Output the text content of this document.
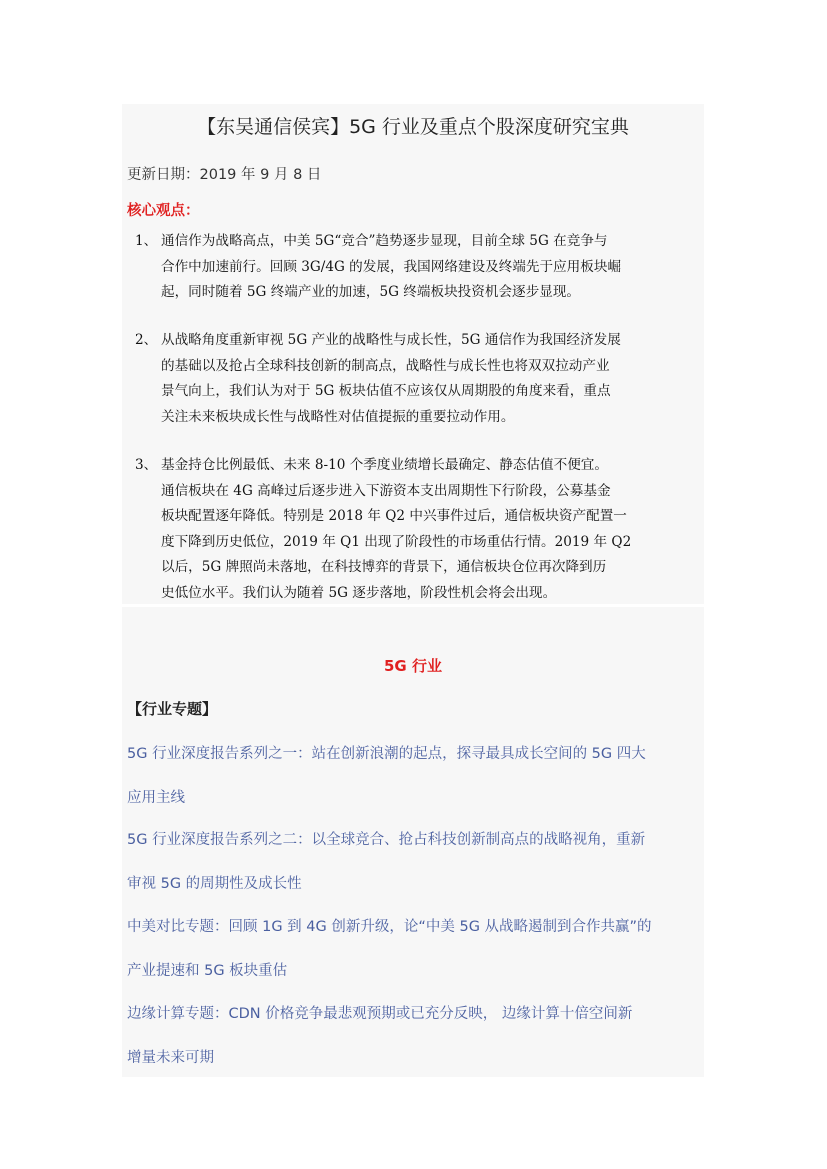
【东吴通信侯宾】5G 行业及重点个股深度研究宝典
更新日期：2019 年 9 月 8 日
核心观点：
1、 通信作为战略高点，中美 5G“竞合”趋势逐步显现，目前全球 5G 在竞争与
合作中加速前行。回顾 3G/4G 的发展，我国网络建设及终端先于应用板块崛
起，同时随着 5G 终端产业的加速，5G 终端板块投资机会逐步显现。
2、 从战略角度重新审视 5G 产业的战略性与成长性，5G 通信作为我国经济发展
的基础以及抢占全球科技创新的制高点，战略性与成长性也将双双拉动产业
景气向上，我们认为对于 5G 板块估值不应该仅从周期股的角度来看，重点
关注未来板块成长性与战略性对估值提振的重要拉动作用。
3、 基金持仓比例最低、未来 8-10 个季度业绩增长最确定、静态估值不便宜。
通信板块在 4G 高峰过后逐步进入下游资本支出周期性下行阶段，公募基金
板块配置逐年降低。特别是 2018 年 Q2 中兴事件过后，通信板块资产配置一
度下降到历史低位，2019 年 Q1 出现了阶段性的市场重估行情。2019 年 Q2
以后，5G 牌照尚未落地，在科技博弈的背景下，通信板块仓位再次降到历
史低位水平。我们认为随着 5G 逐步落地，阶段性机会将会出现。
5G 行业
【行业专题】
5G 行业深度报告系列之一：站在创新浪潮的起点，探寻最具成长空间的 5G 四大
应用主线
5G 行业深度报告系列之二：以全球竞合、抢占科技创新制高点的战略视角，重新
审视 5G 的周期性及成长性
中美对比专题：回顾 1G 到 4G 创新升级，论“中美 5G 从战略遏制到合作共赢”的
产业提速和 5G 板块重估
边缘计算专题：CDN 价格竞争最悲观预期或已充分反映， 边缘计算十倍空间新
增量未来可期
